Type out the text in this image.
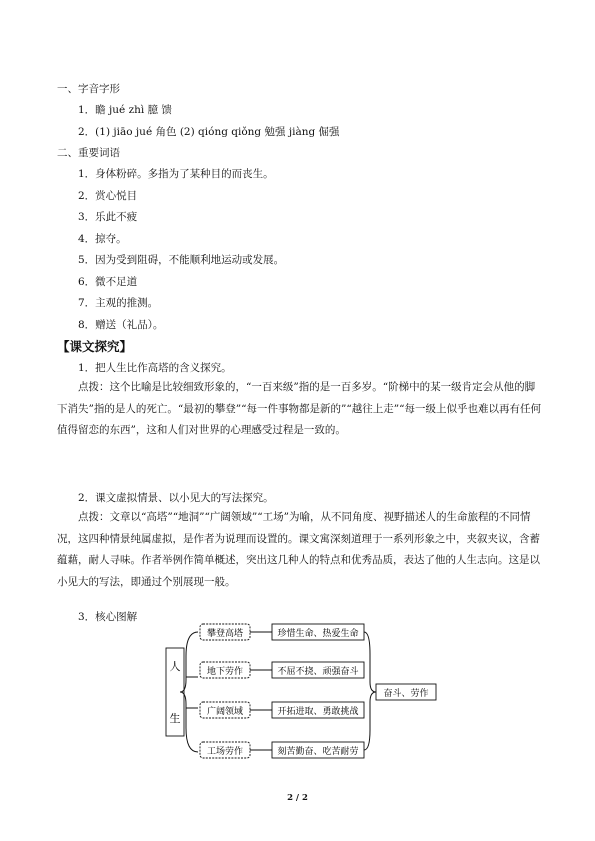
一、字音字形
1．瞻 jué zhì 臆 馈
2．(1) jiāo jué 角色 (2) qióng qiǒng 勉强 jiàng 倔强
二、重要词语
1．身体粉碎。多指为了某种目的而丧生。
2．赏心悦目
3．乐此不疲
4．掠夺。
5．因为受到阻碍，不能顺利地运动或发展。
6．微不足道
7．主观的推测。
8．赠送（礼品）。
【课文探究】
1．把人生比作高塔的含义探究。
点拨：这个比喻是比较细致形象的，“一百来级”指的是一百多岁。“阶梯中的某一级肯定会从他的脚下消失”指的是人的死亡。“最初的攀登”“每一件事物都是新的”“越往上走”“每一级上似乎也难以再有任何值得留恋的东西”，这和人们对世界的心理感受过程是一致的。
2．课文虚拟情景、以小见大的写法探究。
点拨：文章以“高塔”“地洞”“广阔领域”“工场”为喻，从不同角度、视野描述人的生命旅程的不同情况，这四种情景纯属虚拟，是作者为说理而设置的。课文寓深刻道理于一系列形象之中，夹叙夹议，含蓄蕴藉，耐人寻味。作者举例作简单概述，突出这几种人的特点和优秀品质，表达了他的人生志向。这是以小见大的写法，即通过个别展现一般。
3．核心图解
人
生
攀登高塔
地下劳作
广阔领域
工场劳作
珍惜生命、热爱生命
不屈不挠、顽强奋斗
开拓进取、勇敢挑战
刻苦勤奋、吃苦耐劳
奋斗、劳作
2 / 2
